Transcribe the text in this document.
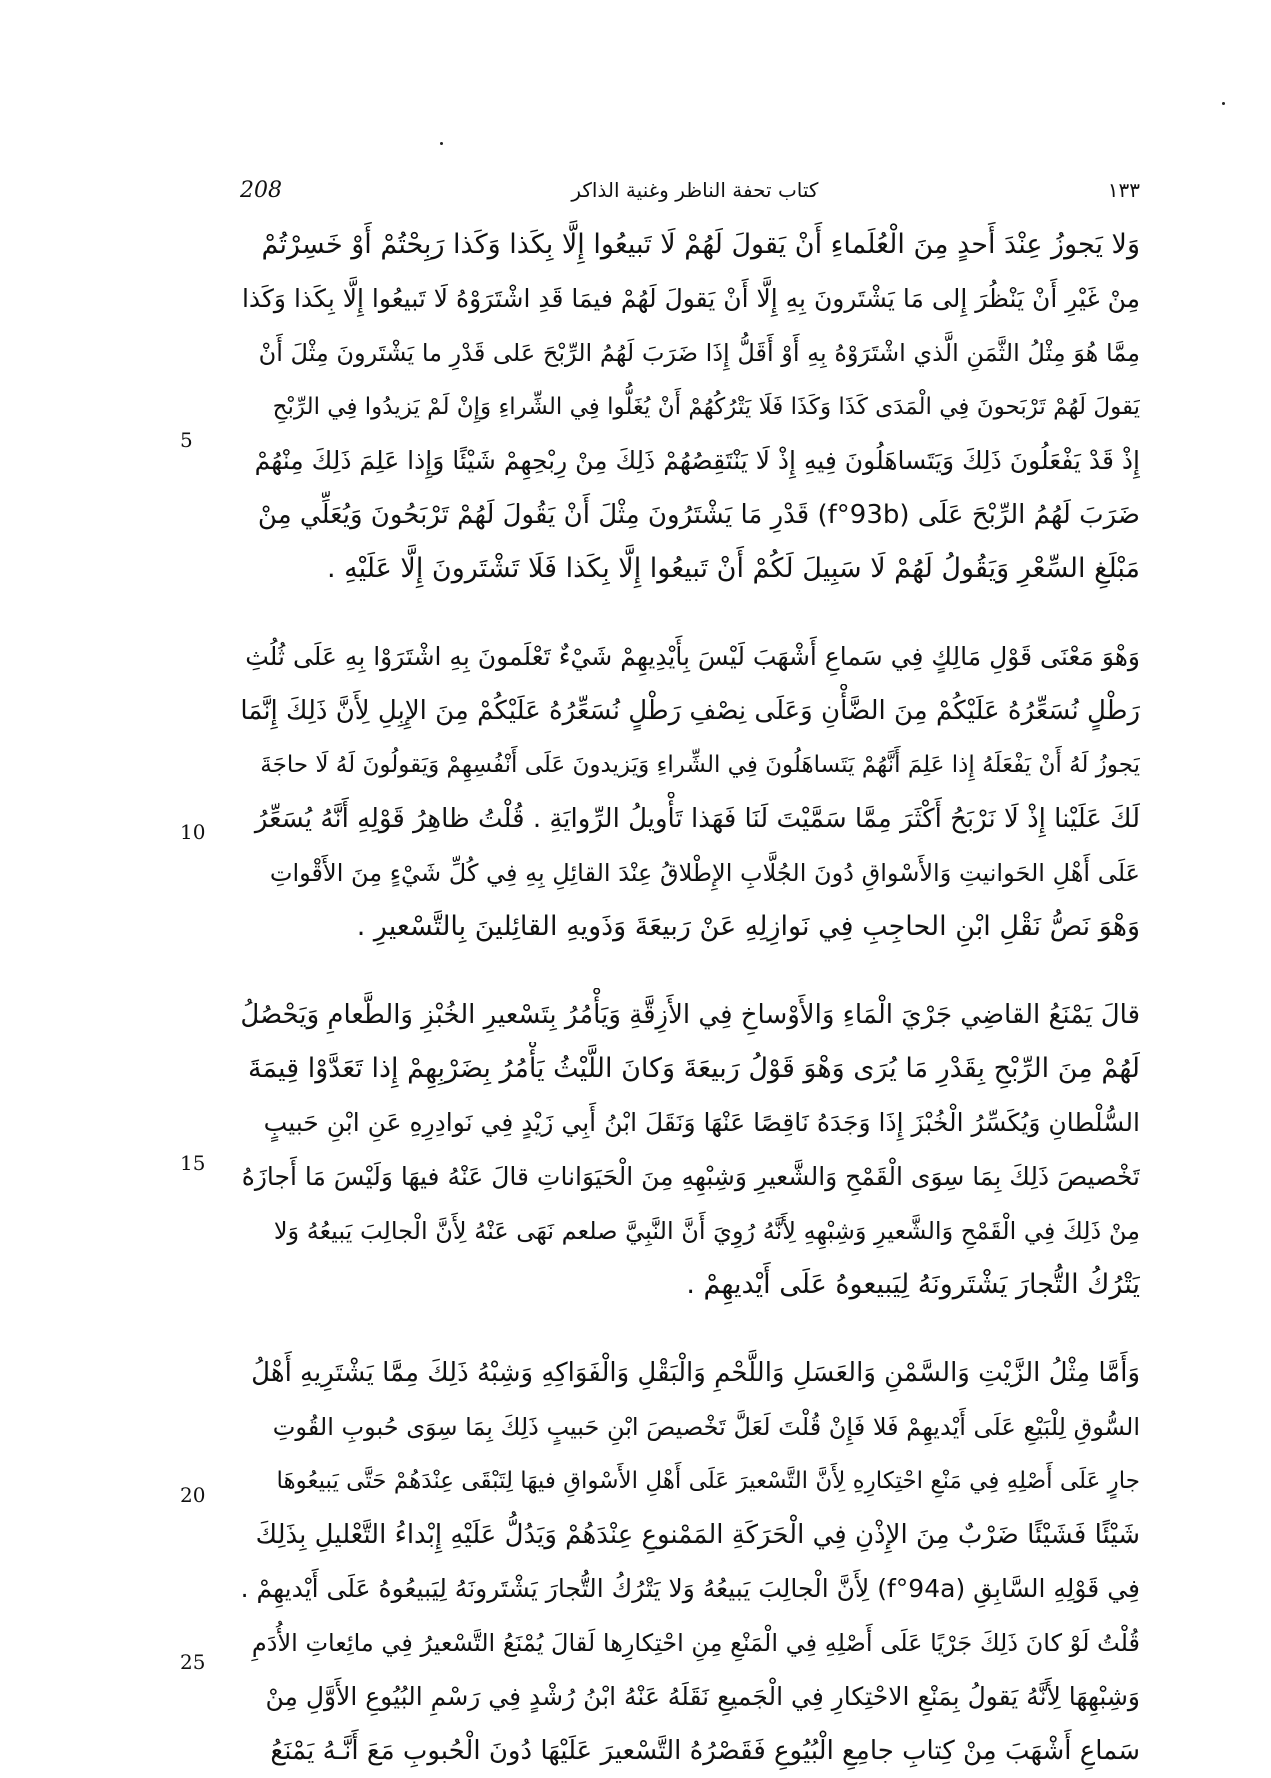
208	كتاب تحفة الناظر وغنية الذاكر	١٣٣
وَلا يَجوزُ عِنْدَ أَحدٍ مِنَ الْعُلَماءِ أَنْ يَقولَ لَهُمْ لَا تَبيعُوا إِلَّا بِكَذا وَكَذا رَبِحْتُمْ أَوْ خَسِرْتُمْ
مِنْ غَيْرِ أَنْ يَنْظُرَ إِلى مَا يَشْتَرونَ بِهِ إِلَّا أَنْ يَقولَ لَهُمْ فيمَا قَدِ اشْتَرَوْهُ لَا تَبيعُوا إِلَّا بِكَذا وَكَذا
مِمَّا هُوَ مِثْلُ الثَّمَنِ الَّذي اشْتَرَوْهُ بِهِ أَوْ أَقَلُّ إِذَا ضَرَبَ لَهُمُ الرِّبْحَ عَلى قَدْرِ ما يَشْتَرونَ مِثْلَ أَنْ
يَقولَ لَهُمْ تَرْبَحونَ فِي الْمَدَى كَذَا وَكَذَا فَلَا يَتْرُكُهُمْ أَنْ يُغَلُّوا فِي الشِّراءِ وَإِنْ لَمْ يَزيدُوا فِي الرِّبْحِ
إِذْ قَدْ يَفْعَلُونَ ذَلِكَ وَيَتَساهَلُونَ فِيهِ إِذْ لَا يَنْتَقِصُهُمْ ذَلِكَ مِنْ رِبْحِهِمْ شَيْئًا وَإِذا عَلِمَ ذَلِكَ مِنْهُمْ
ضَرَبَ لَهُمُ الرِّبْحَ عَلَى (f°93b) قَدْرِ مَا يَشْتَرُونَ مِثْلَ أَنْ يَقُولَ لَهُمْ تَرْبَحُونَ وَيُعَلِّي مِنْ
مَبْلَغِ السِّعْرِ وَيَقُولُ لَهُمْ لَا سَبِيلَ لَكُمْ أَنْ تَبيعُوا إِلَّا بِكَذا فَلَا تَشْتَرونَ إِلَّا عَلَيْهِ .
وَهْوَ مَعْنَى قَوْلِ مَالِكٍ فِي سَماعِ أَشْهَبَ لَيْسَ بِأَيْدِيهِمْ شَيْءٌ تَعْلَمونَ بِهِ اشْتَرَوْا بِهِ عَلَى ثُلُثِ
رَطْلٍ نُسَعِّرُهُ عَلَيْكُمْ مِنَ الضَّأْنِ وَعَلَى نِصْفِ رَطْلٍ نُسَعِّرُهُ عَلَيْكُمْ مِنَ الإِبِلِ لِأَنَّ ذَلِكَ إِنَّمَا
يَجوزُ لَهُ أَنْ يَفْعَلَهُ إِذا عَلِمَ أَنَّهُمْ يَتَساهَلُونَ فِي الشِّراءِ وَيَزيدونَ عَلَى أَنْفُسِهِمْ وَيَقولُونَ لَهُ لَا حاجَةَ
لَكَ عَلَيْنا إِذْ لَا نَرْبَحُ أَكْثَرَ مِمَّا سَمَّيْتَ لَنَا فَهَذا تَأْويلُ الرِّوايَةِ . قُلْتُ ظاهِرُ قَوْلِهِ أَنَّهُ يُسَعِّرُ
عَلَى أَهْلِ الحَوانيتِ وَالأَسْواقِ دُونَ الجُلَّابِ الإِطْلاقُ عِنْدَ القائِلِ بِهِ فِي كُلِّ شَيْءٍ مِنَ الأَقْواتِ
وَهْوَ نَصُّ نَقْلِ ابْنِ الحاجِبِ فِي نَوازِلِهِ عَنْ رَبيعَةَ وَذَويهِ القائِلينَ بِالتَّسْعيرِ .
قالَ يَمْنَعُ القاضِي جَرْيَ الْمَاءِ وَالأَوْساخِ فِي الأَزِقَّةِ وَيَأْمُرُ بِتَسْعيرِ الخُبْزِ وَالطَّعامِ وَيَحْصُلُ
لَهُمْ مِنَ الرِّبْحِ بِقَدْرِ مَا يُرَى وَهْوَ قَوْلُ رَبيعَةَ وَكانَ اللَّيْثُ يَأْمُرُ بِضَرْبِهِمْ إِذا تَعَدَّوْا قِيمَةَ
السُّلْطانِ وَيُكَسِّرُ الْخُبْزَ إِذَا وَجَدَهُ نَاقِصًا عَنْهَا وَنَقَلَ ابْنُ أَبِي زَيْدٍ فِي نَوادِرِهِ عَنِ ابْنِ حَبيبٍ
تَخْصيصَ ذَلِكَ بِمَا سِوَى الْقَمْحِ وَالشَّعيرِ وَشِبْهِهِ مِنَ الْحَيَوَاناتِ قالَ عَنْهُ فيهَا وَلَيْسَ مَا أَجازَهُ
مِنْ ذَلِكَ فِي الْقَمْحِ وَالشَّعيرِ وَشِبْهِهِ لِأَنَّهُ رُوِيَ أَنَّ النَّبِيَّ صلعم نَهَى عَنْهُ لِأَنَّ الْجالِبَ يَبيعُهُ وَلا
يَتْرُكُ التُّجارَ يَشْتَرونَهُ لِيَبيعوهُ عَلَى أَيْديهِمْ .
وَأَمَّا مِثْلُ الزَّيْتِ وَالسَّمْنِ وَالعَسَلِ وَاللَّحْمِ وَالْبَقْلِ وَالْفَوَاكِهِ وَشِبْهُ ذَلِكَ مِمَّا يَشْتَرِيهِ أَهْلُ
السُّوقِ لِلْبَيْعِ عَلَى أَيْديهِمْ فَلا فَإِنْ قُلْتَ لَعَلَّ تَخْصيصَ ابْنِ حَبيبٍ ذَلِكَ بِمَا سِوَى حُبوبِ القُوتِ
جارٍ عَلَى أَصْلِهِ فِي مَنْعِ احْتِكارِهِ لِأَنَّ التَّسْعيرَ عَلَى أَهْلِ الأَسْواقِ فيهَا لِتَبْقَى عِنْدَهُمْ حَتَّى يَبيعُوهَا
شَيْئًا فَشَيْئًا ضَرْبٌ مِنَ الإِذْنِ فِي الْحَرَكَةِ المَمْنوعِ عِنْدَهُمْ وَيَدُلُّ عَلَيْهِ إِبْداءُ التَّعْليلِ بِذَلِكَ
فِي قَوْلِهِ السَّابِقِ (f°94a) لِأَنَّ الْجالِبَ يَبيعُهُ وَلا يَتْرُكُ التُّجارَ يَشْتَرونَهُ لِيَبيعُوهُ عَلَى أَيْديهِمْ .
قُلْتُ لَوْ كانَ ذَلِكَ جَرْيًا عَلَى أَصْلِهِ فِي الْمَنْعِ مِنِ احْتِكارِها لَقالَ يُمْنَعُ التَّسْعيرُ فِي مائِعاتِ الأُدَمِ
وَشِبْهِهَا لِأَنَّهُ يَقولُ بِمَنْعِ الاحْتِكارِ فِي الْجَميعِ نَقَلَهُ عَنْهُ ابْنُ رُشْدٍ فِي رَسْمِ البُيُوعِ الأَوَّلِ مِنْ
سَماعِ أَشْهَبَ مِنْ كِتابِ جامِعِ الْبُيُوعِ فَقَصْرُهُ التَّسْعيرَ عَلَيْهَا دُونَ الْحُبوبِ مَعَ أَنَّـهُ يَمْنَعُ
5
10
15
20
25
